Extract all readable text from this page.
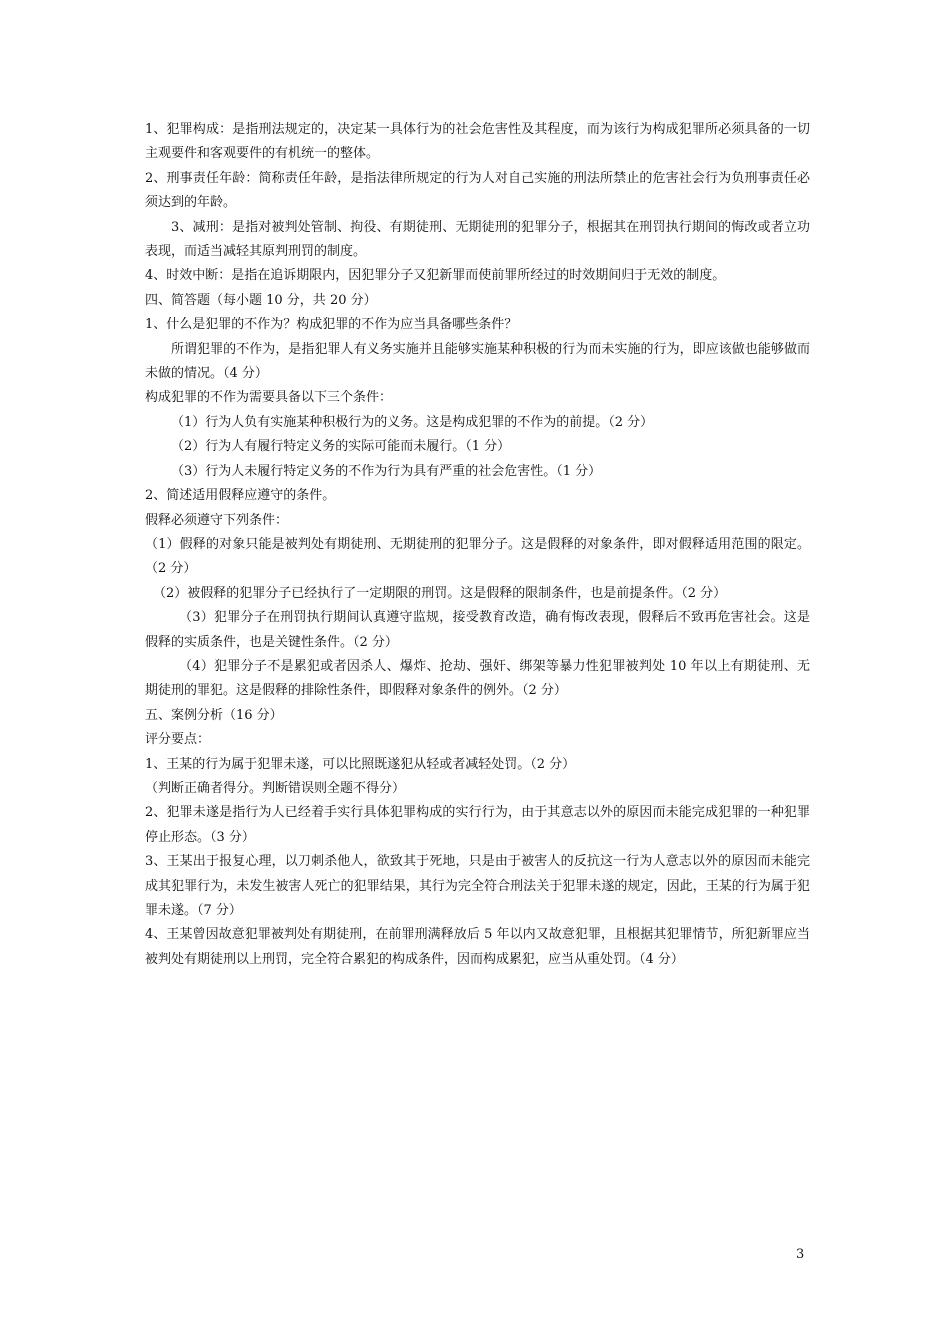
1、犯罪构成：是指刑法规定的，决定某一具体行为的社会危害性及其程度，而为该行为构成犯罪所必须具备的一切主观要件和客观要件的有机统一的整体。

2、刑事责任年龄：简称责任年龄，是指法律所规定的行为人对自己实施的刑法所禁止的危害社会行为负刑事责任必须达到的年龄。

3、减刑：是指对被判处管制、拘役、有期徒刑、无期徒刑的犯罪分子，根据其在刑罚执行期间的悔改或者立功表现，而适当减轻其原判刑罚的制度。

4、时效中断：是指在追诉期限内，因犯罪分子又犯新罪而使前罪所经过的时效期间归于无效的制度。

四、简答题（每小题 10 分，共 20 分）

1、什么是犯罪的不作为？构成犯罪的不作为应当具备哪些条件？

所谓犯罪的不作为，是指犯罪人有义务实施并且能够实施某种积极的行为而未实施的行为，即应该做也能够做而未做的情况。（4 分）

构成犯罪的不作为需要具备以下三个条件：

（1）行为人负有实施某种积极行为的义务。这是构成犯罪的不作为的前提。（2 分）

（2）行为人有履行特定义务的实际可能而未履行。（1 分）

（3）行为人未履行特定义务的不作为行为具有严重的社会危害性。（1 分）

2、简述适用假释应遵守的条件。

假释必须遵守下列条件：

（1）假释的对象只能是被判处有期徒刑、无期徒刑的犯罪分子。这是假释的对象条件，即对假释适用范围的限定。（2 分）

（2）被假释的犯罪分子已经执行了一定期限的刑罚。这是假释的限制条件，也是前提条件。（2 分）

（3）犯罪分子在刑罚执行期间认真遵守监规，接受教育改造，确有悔改表现，假释后不致再危害社会。这是假释的实质条件，也是关键性条件。（2 分）

（4）犯罪分子不是累犯或者因杀人、爆炸、抢劫、强奸、绑架等暴力性犯罪被判处 10 年以上有期徒刑、无期徒刑的罪犯。这是假释的排除性条件，即假释对象条件的例外。（2 分）

五、案例分析（16 分）

评分要点：

1、王某的行为属于犯罪未遂，可以比照既遂犯从轻或者减轻处罚。（2 分）

（判断正确者得分。判断错误则全题不得分）

2、犯罪未遂是指行为人已经着手实行具体犯罪构成的实行行为，由于其意志以外的原因而未能完成犯罪的一种犯罪停止形态。（3 分）

3、王某出于报复心理，以刀刺杀他人，欲致其于死地，只是由于被害人的反抗这一行为人意志以外的原因而未能完成其犯罪行为，未发生被害人死亡的犯罪结果，其行为完全符合刑法关于犯罪未遂的规定，因此，王某的行为属于犯罪未遂。（7 分）

4、王某曾因故意犯罪被判处有期徒刑，在前罪刑满释放后 5 年以内又故意犯罪，且根据其犯罪情节，所犯新罪应当被判处有期徒刑以上刑罚，完全符合累犯的构成条件，因而构成累犯，应当从重处罚。（4 分）

3
